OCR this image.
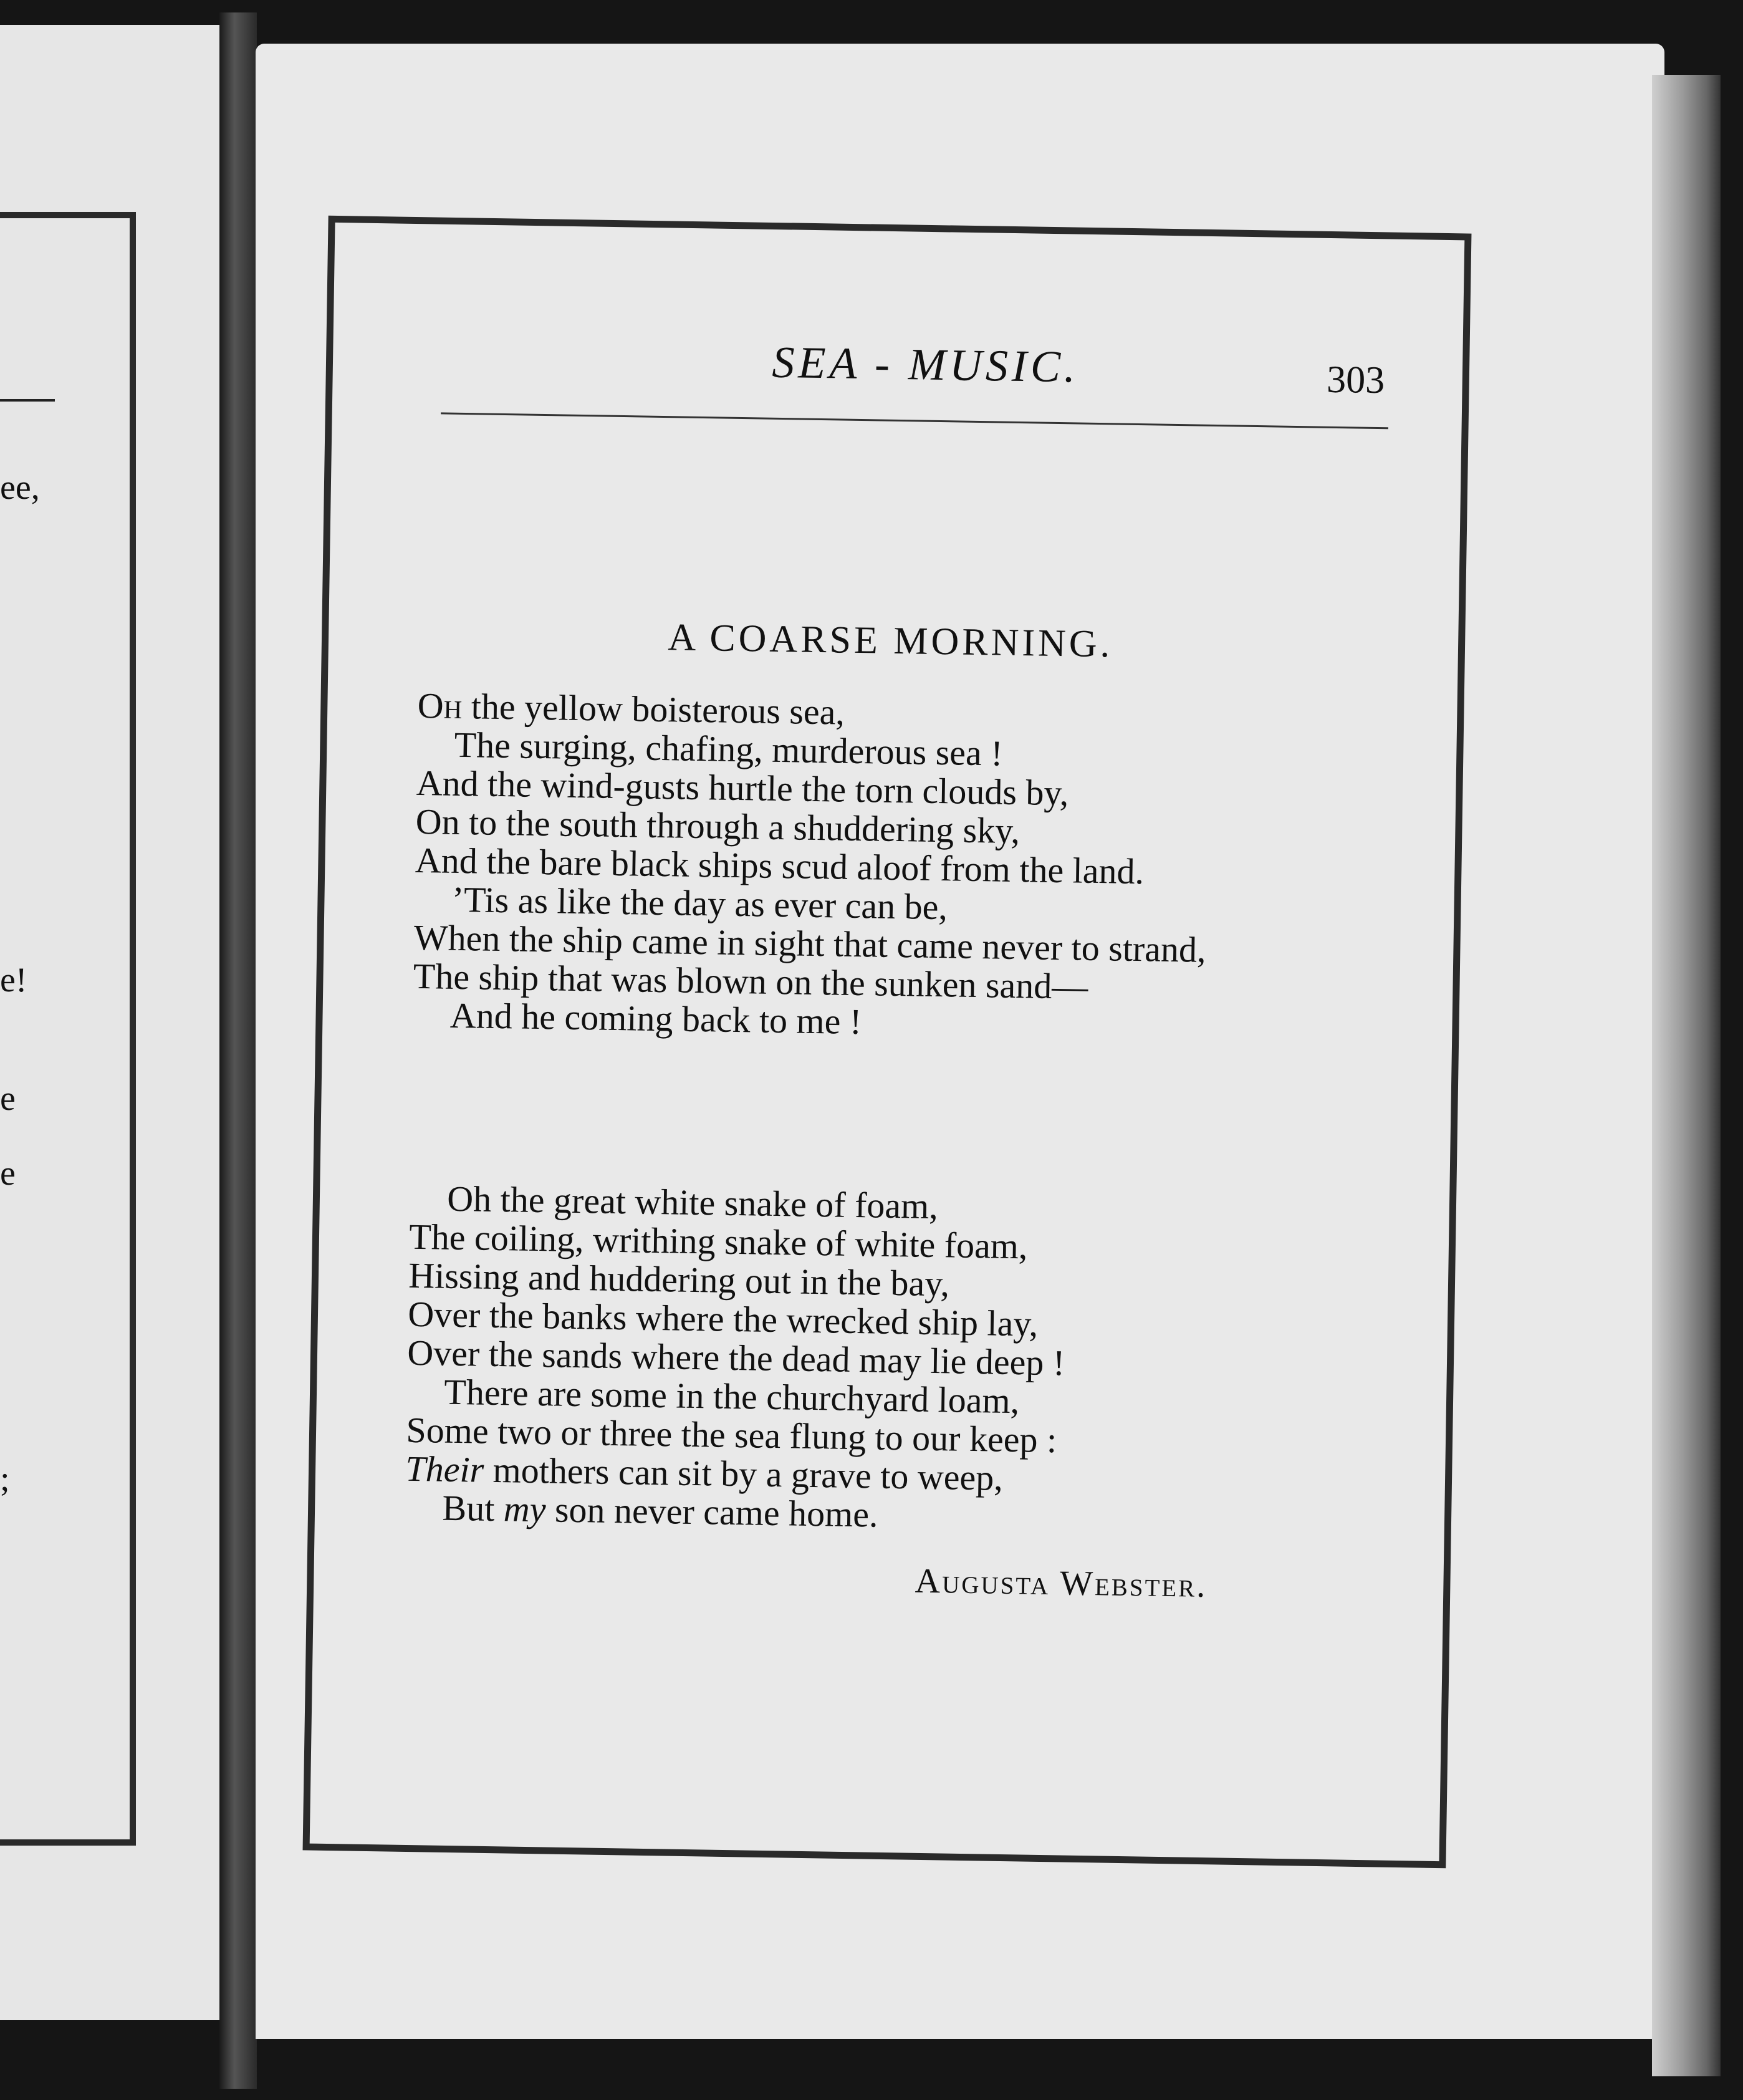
ee,
e!
e
e
;
SEA - MUSIC.	303
A COARSE MORNING.
Oh the yellow boisterous sea,
The surging, chafing, murderous sea !
And the wind-gusts hurtle the torn clouds by,
On to the south through a shuddering sky,
And the bare black ships scud aloof from the land.
’Tis as like the day as ever can be,
When the ship came in sight that came never to strand,
The ship that was blown on the sunken sand—
And he coming back to me !
Oh the great white snake of foam,
The coiling, writhing snake of white foam,
Hissing and huddering out in the bay,
Over the banks where the wrecked ship lay,
Over the sands where the dead may lie deep !
There are some in the churchyard loam,
Some two or three the sea flung to our keep :
Their mothers can sit by a grave to weep,
But my son never came home.
Augusta Webster.
